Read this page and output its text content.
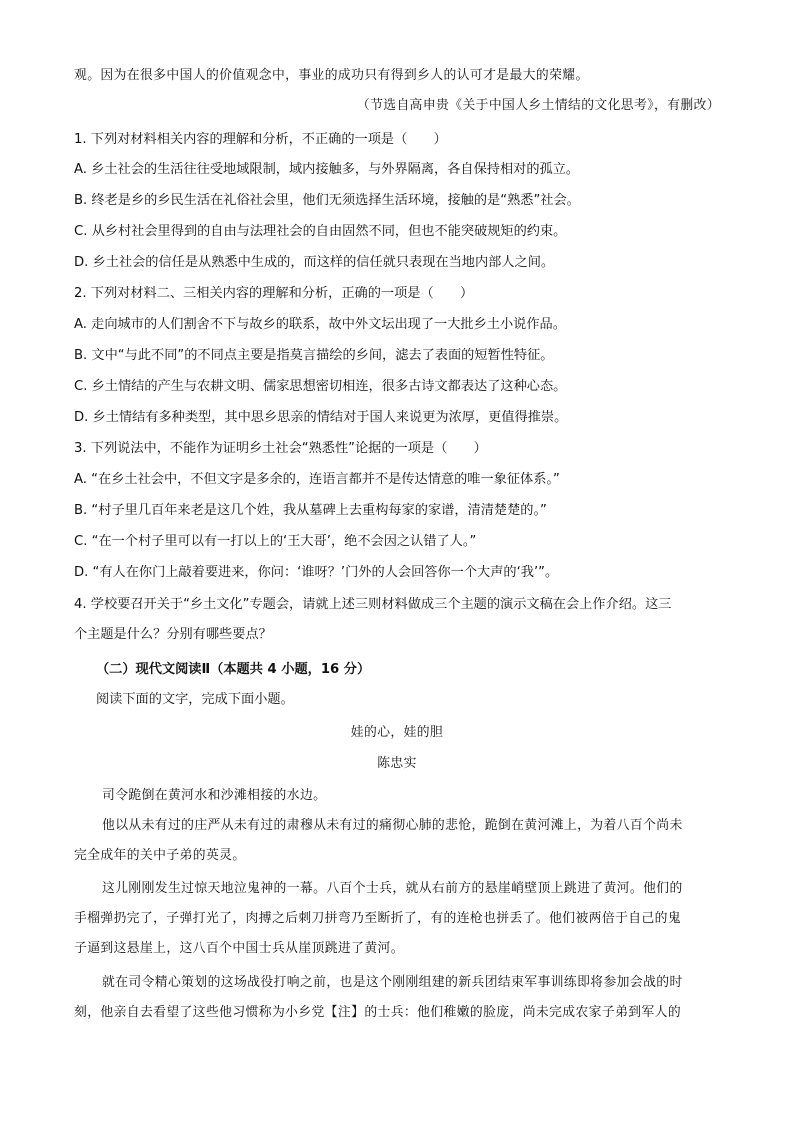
观。因为在很多中国人的价值观念中，事业的成功只有得到乡人的认可才是最大的荣耀。
（节选自高申贵《关于中国人乡土情结的文化思考》，有删改）
1. 下列对材料相关内容的理解和分析，不正确的一项是（　　）
A. 乡土社会的生活往往受地域限制，域内接触多，与外界隔离，各自保持相对的孤立。
B. 终老是乡的乡民生活在礼俗社会里，他们无须选择生活环境，接触的是“熟悉”社会。
C. 从乡村社会里得到的自由与法理社会的自由固然不同，但也不能突破规矩的约束。
D. 乡土社会的信任是从熟悉中生成的，而这样的信任就只表现在当地内部人之间。
2. 下列对材料二、三相关内容的理解和分析，正确的一项是（　　）
A. 走向城市的人们割舍不下与故乡的联系，故中外文坛出现了一大批乡土小说作品。
B. 文中“与此不同”的不同点主要是指莫言描绘的乡间，滤去了表面的短暂性特征。
C. 乡土情结的产生与农耕文明、儒家思想密切相连，很多古诗文都表达了这种心态。
D. 乡土情结有多种类型，其中思乡思亲的情结对于国人来说更为浓厚，更值得推崇。
3. 下列说法中，不能作为证明乡土社会“熟悉性”论据的一项是（　　）
A. “在乡土社会中，不但文字是多余的，连语言都并不是传达情意的唯一象征体系。”
B. “村子里几百年来老是这几个姓，我从墓碑上去重构每家的家谱，清清楚楚的。”
C. “在一个村子里可以有一打以上的‘王大哥’，绝不会因之认错了人。”
D. “有人在你门上敲着要进来，你问：‘谁呀？’门外的人会回答你一个大声的‘我’”。
4. 学校要召开关于“乡土文化”专题会，请就上述三则材料做成三个主题的演示文稿在会上作介绍。这三
个主题是什么？分别有哪些要点？
（二）现代文阅读Ⅱ（本题共 4 小题，16 分）
阅读下面的文字，完成下面小题。
娃的心，娃的胆
陈忠实
司令跪倒在黄河水和沙滩相接的水边。
他以从未有过的庄严从未有过的肃穆从未有过的痛彻心肺的悲怆，跪倒在黄河滩上，为着八百个尚未
完全成年的关中子弟的英灵。
这儿刚刚发生过惊天地泣鬼神的一幕。八百个士兵，就从右前方的悬崖峭壁顶上跳进了黄河。他们的
手榴弹扔完了，子弹打光了，肉搏之后刺刀拼弯乃至断折了，有的连枪也拼丢了。他们被两倍于自己的鬼
子逼到这悬崖上，这八百个中国士兵从崖顶跳进了黄河。
就在司令精心策划的这场战役打响之前，也是这个刚刚组建的新兵团结束军事训练即将参加会战的时
刻，他亲自去看望了这些他习惯称为小乡党【注】的士兵：他们稚嫩的脸庞，尚未完成农家子弟到军人的
